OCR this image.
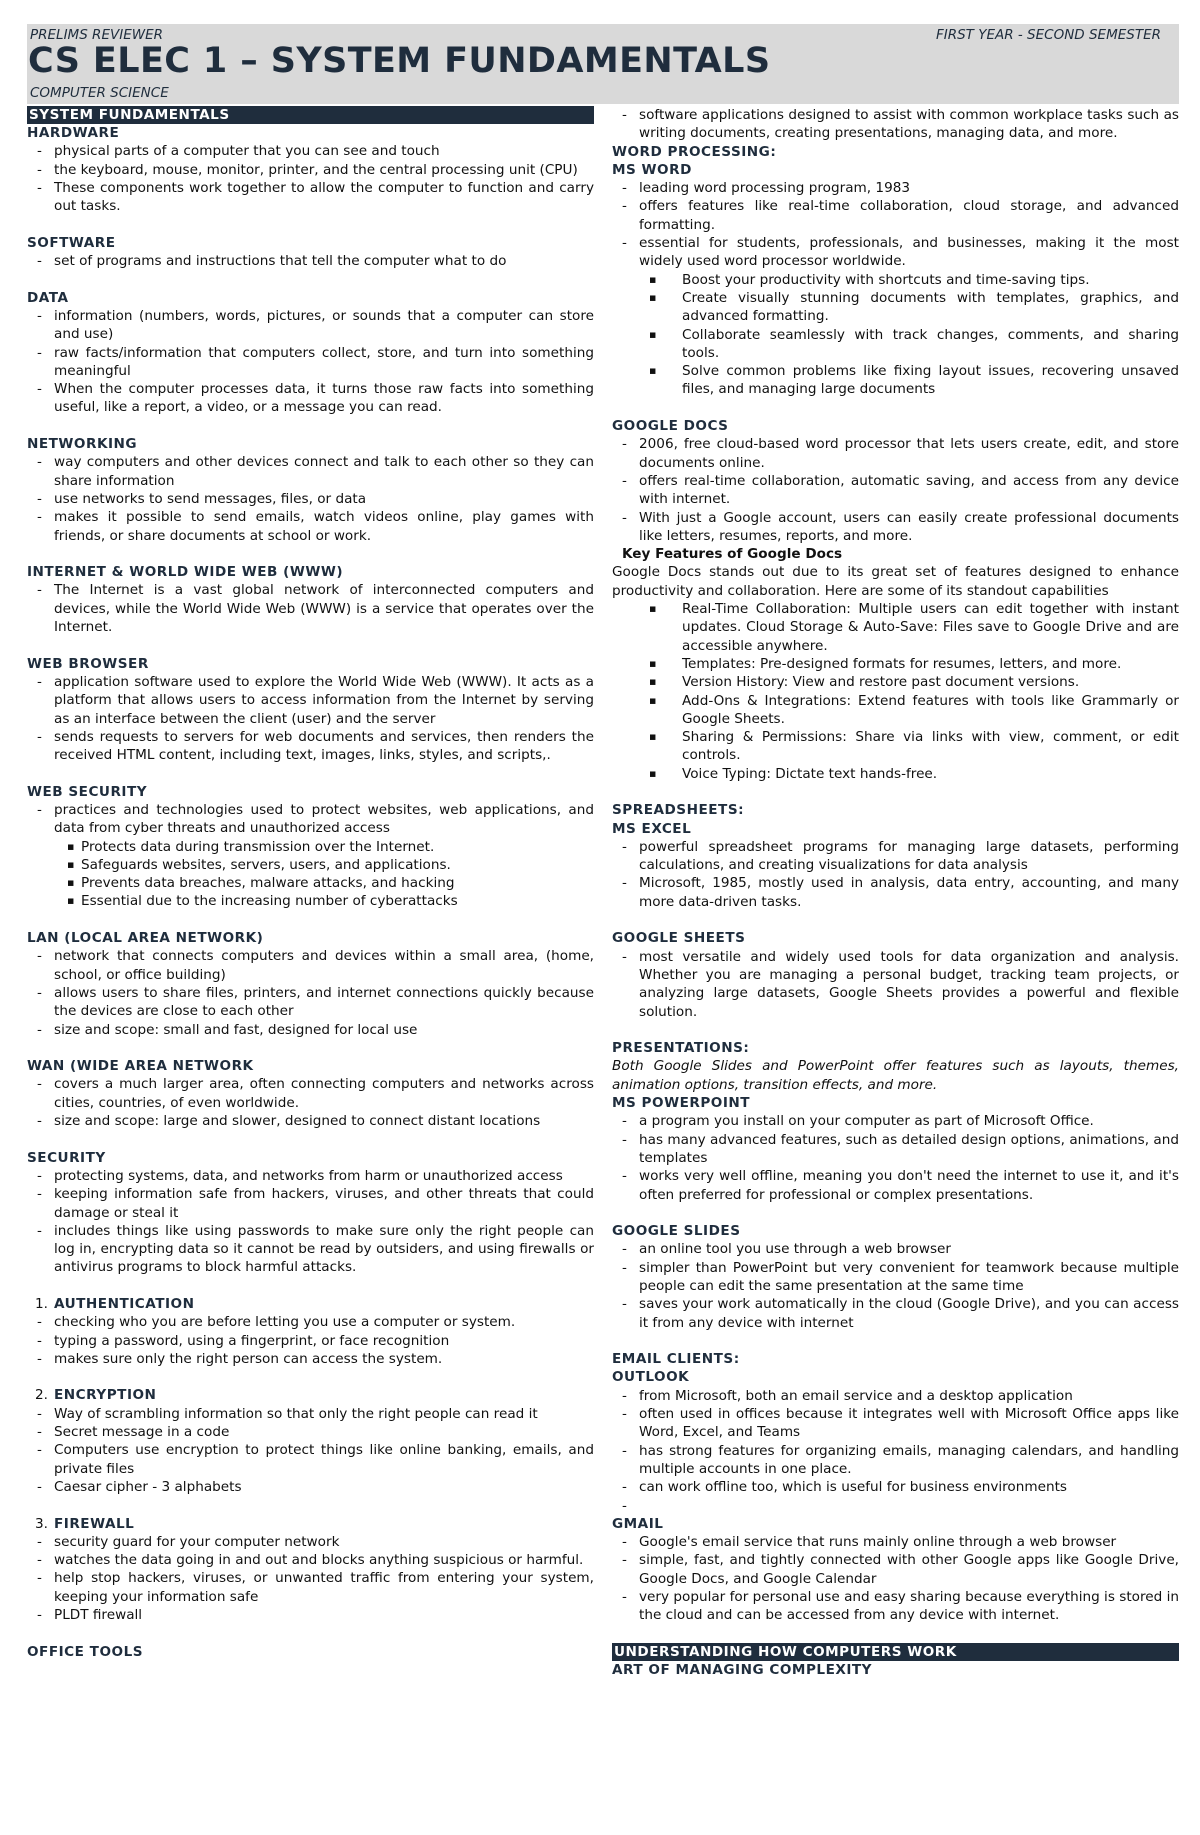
PRELIMS REVIEWER	FIRST YEAR - SECOND SEMESTER
CS ELEC 1 – SYSTEM FUNDAMENTALS
COMPUTER SCIENCE
SYSTEM FUNDAMENTALS
HARDWARE
- physical parts of a computer that you can see and touch
- the keyboard, mouse, monitor, printer, and the central processing unit (CPU)
- These components work together to allow the computer to function and carry out tasks.
SOFTWARE
- set of programs and instructions that tell the computer what to do
DATA
- information (numbers, words, pictures, or sounds that a computer can store and use)
- raw facts/information that computers collect, store, and turn into something meaningful
- When the computer processes data, it turns those raw facts into something useful, like a report, a video, or a message you can read.
NETWORKING
- way computers and other devices connect and talk to each other so they can share information
- use networks to send messages, files, or data
- makes it possible to send emails, watch videos online, play games with friends, or share documents at school or work.
INTERNET & WORLD WIDE WEB (WWW)
- The Internet is a vast global network of interconnected computers and devices, while the World Wide Web (WWW) is a service that operates over the Internet.
WEB BROWSER
- application software used to explore the World Wide Web (WWW). It acts as a platform that allows users to access information from the Internet by serving as an interface between the client (user) and the server
- sends requests to servers for web documents and services, then renders the received HTML content, including text, images, links, styles, and scripts,.
WEB SECURITY
- practices and technologies used to protect websites, web applications, and data from cyber threats and unauthorized access
▪ Protects data during transmission over the Internet.
▪ Safeguards websites, servers, users, and applications.
▪ Prevents data breaches, malware attacks, and hacking
▪ Essential due to the increasing number of cyberattacks
LAN (LOCAL AREA NETWORK)
- network that connects computers and devices within a small area, (home, school, or office building)
- allows users to share files, printers, and internet connections quickly because the devices are close to each other
- size and scope: small and fast, designed for local use
WAN (WIDE AREA NETWORK
- covers a much larger area, often connecting computers and networks across cities, countries, of even worldwide.
- size and scope: large and slower, designed to connect distant locations
SECURITY
- protecting systems, data, and networks from harm or unauthorized access
- keeping information safe from hackers, viruses, and other threats that could damage or steal it
- includes things like using passwords to make sure only the right people can log in, encrypting data so it cannot be read by outsiders, and using firewalls or antivirus programs to block harmful attacks.
1. AUTHENTICATION
- checking who you are before letting you use a computer or system.
- typing a password, using a fingerprint, or face recognition
- makes sure only the right person can access the system.
2. ENCRYPTION
- Way of scrambling information so that only the right people can read it
- Secret message in a code
- Computers use encryption to protect things like online banking, emails, and private files
- Caesar cipher - 3 alphabets
3. FIREWALL
- security guard for your computer network
- watches the data going in and out and blocks anything suspicious or harmful.
- help stop hackers, viruses, or unwanted traffic from entering your system, keeping your information safe
- PLDT firewall
OFFICE TOOLS
- software applications designed to assist with common workplace tasks such as writing documents, creating presentations, managing data, and more.
WORD PROCESSING:
MS WORD
- leading word processing program, 1983
- offers features like real-time collaboration, cloud storage, and advanced formatting.
- essential for students, professionals, and businesses, making it the most widely used word processor worldwide.
▪ Boost your productivity with shortcuts and time-saving tips.
▪ Create visually stunning documents with templates, graphics, and advanced formatting.
▪ Collaborate seamlessly with track changes, comments, and sharing tools.
▪ Solve common problems like fixing layout issues, recovering unsaved files, and managing large documents
GOOGLE DOCS
- 2006, free cloud-based word processor that lets users create, edit, and store documents online.
- offers real-time collaboration, automatic saving, and access from any device with internet.
- With just a Google account, users can easily create professional documents like letters, resumes, reports, and more.
Key Features of Google Docs
Google Docs stands out due to its great set of features designed to enhance productivity and collaboration. Here are some of its standout capabilities
▪ Real-Time Collaboration: Multiple users can edit together with instant updates. Cloud Storage & Auto-Save: Files save to Google Drive and are accessible anywhere.
▪ Templates: Pre-designed formats for resumes, letters, and more.
▪ Version History: View and restore past document versions.
▪ Add-Ons & Integrations: Extend features with tools like Grammarly or Google Sheets.
▪ Sharing & Permissions: Share via links with view, comment, or edit controls.
▪ Voice Typing: Dictate text hands-free.
SPREADSHEETS:
MS EXCEL
- powerful spreadsheet programs for managing large datasets, performing calculations, and creating visualizations for data analysis
- Microsoft, 1985, mostly used in analysis, data entry, accounting, and many more data-driven tasks.
GOOGLE SHEETS
- most versatile and widely used tools for data organization and analysis. Whether you are managing a personal budget, tracking team projects, or analyzing large datasets, Google Sheets provides a powerful and flexible solution.
PRESENTATIONS:
Both Google Slides and PowerPoint offer features such as layouts, themes, animation options, transition effects, and more.
MS POWERPOINT
- a program you install on your computer as part of Microsoft Office.
- has many advanced features, such as detailed design options, animations, and templates
- works very well offline, meaning you don't need the internet to use it, and it's often preferred for professional or complex presentations.
GOOGLE SLIDES
- an online tool you use through a web browser
- simpler than PowerPoint but very convenient for teamwork because multiple people can edit the same presentation at the same time
- saves your work automatically in the cloud (Google Drive), and you can access it from any device with internet
EMAIL CLIENTS:
OUTLOOK
- from Microsoft, both an email service and a desktop application
- often used in offices because it integrates well with Microsoft Office apps like Word, Excel, and Teams
- has strong features for organizing emails, managing calendars, and handling multiple accounts in one place.
- can work offline too, which is useful for business environments
-
GMAIL
- Google's email service that runs mainly online through a web browser
- simple, fast, and tightly connected with other Google apps like Google Drive, Google Docs, and Google Calendar
- very popular for personal use and easy sharing because everything is stored in the cloud and can be accessed from any device with internet.
UNDERSTANDING HOW COMPUTERS WORK
ART OF MANAGING COMPLEXITY
